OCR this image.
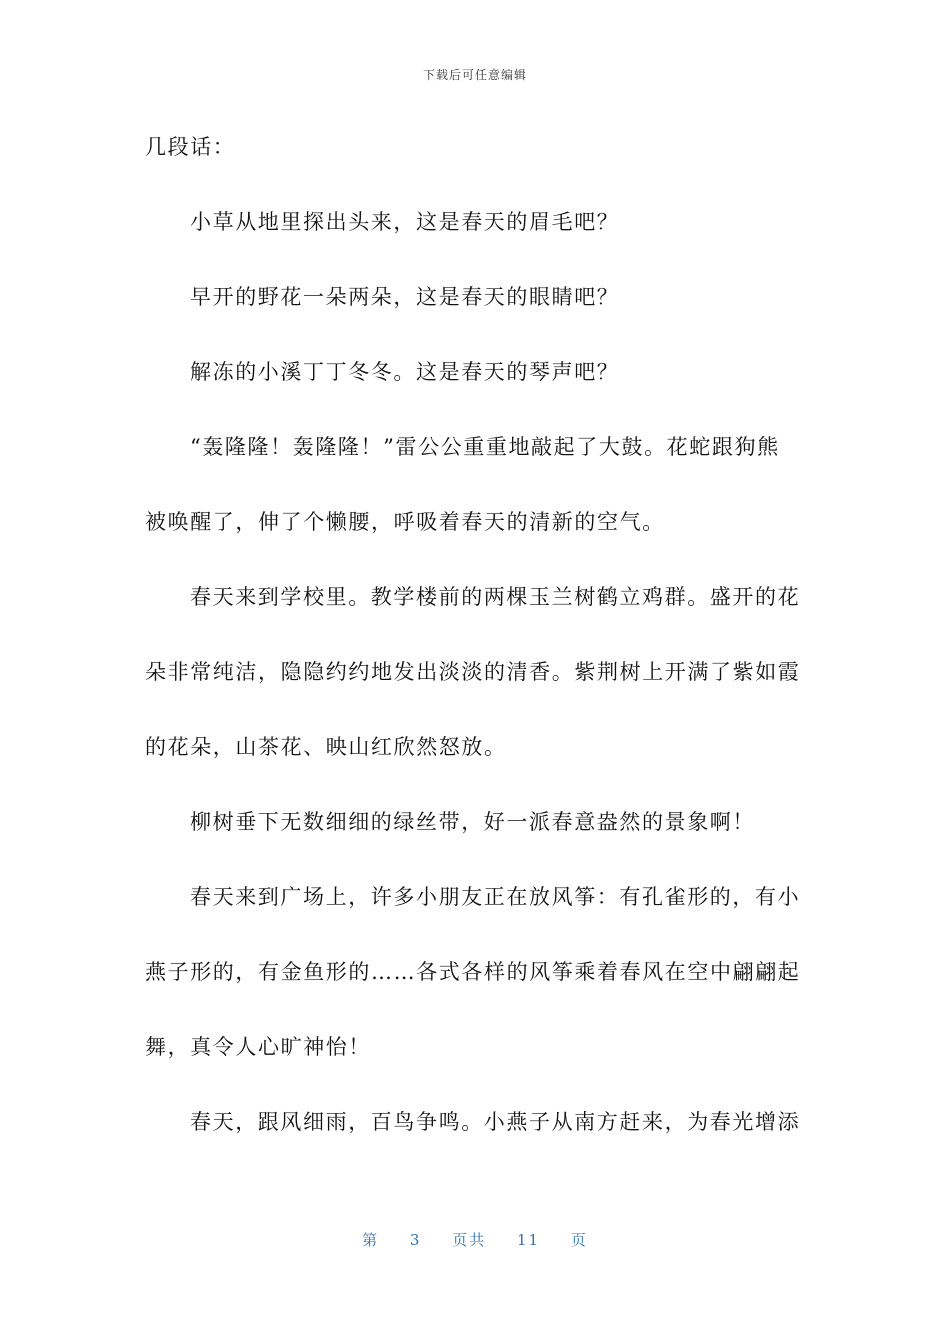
下载后可任意编辑
几段话：
小草从地里探出头来，这是春天的眉毛吧？
早开的野花一朵两朵，这是春天的眼睛吧？
解冻的小溪丁丁冬冬。这是春天的琴声吧？
“轰隆隆！轰隆隆！”雷公公重重地敲起了大鼓。花蛇跟狗熊
被唤醒了，伸了个懒腰，呼吸着春天的清新的空气。
春天来到学校里。教学楼前的两棵玉兰树鹤立鸡群。盛开的花
朵非常纯洁，隐隐约约地发出淡淡的清香。紫荆树上开满了紫如霞
的花朵，山茶花、映山红欣然怒放。
柳树垂下无数细细的绿丝带，好一派春意盎然的景象啊！
春天来到广场上，许多小朋友正在放风筝：有孔雀形的，有小
燕子形的，有金鱼形的……各式各样的风筝乘着春风在空中翩翩起
舞，真令人心旷神怡！
春天，跟风细雨，百鸟争鸣。小燕子从南方赶来，为春光增添
第 3 页共 11 页
